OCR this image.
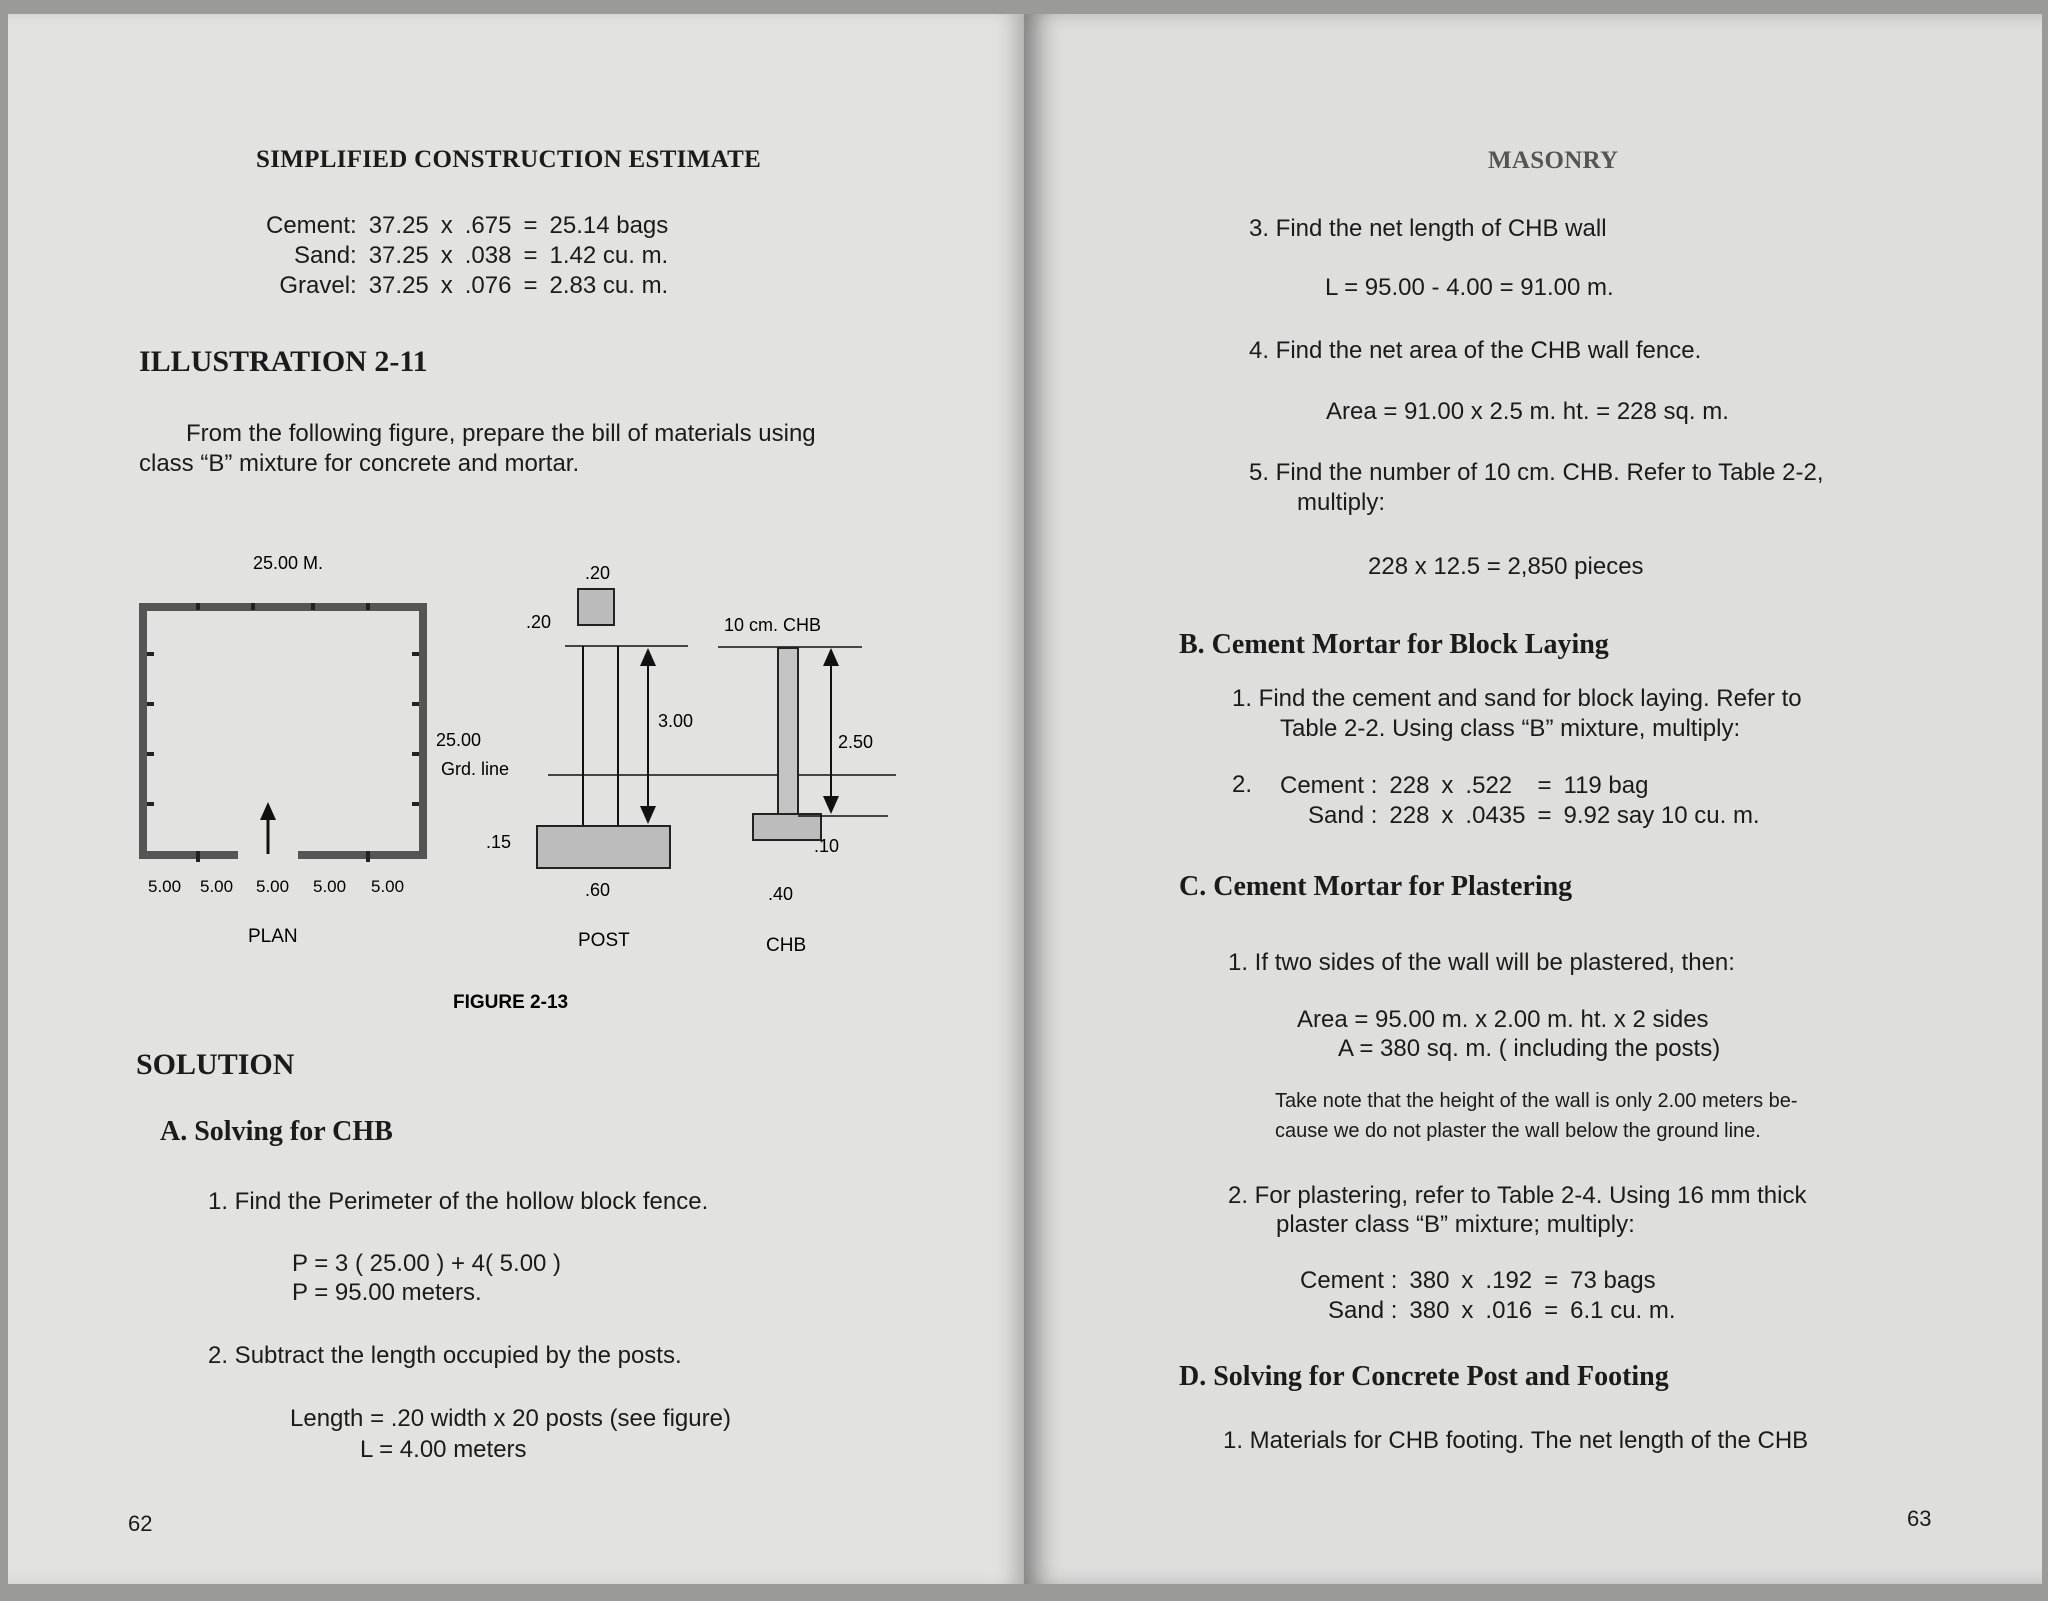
SIMPLIFIED CONSTRUCTION ESTIMATE
Cement: 37.25 x .675 = 25.14 bags
Sand: 37.25 x .038 = 1.42 cu. m.
Gravel: 37.25 x .076 = 2.83 cu. m.
ILLUSTRATION 2-11
From the following figure, prepare the bill of materials using
class “B” mixture for concrete and mortar.
25.00 M.
25.00
5.00 5.00 5.00 5.00 5.00
PLAN
Grd. line
.20
.20
3.00
.15
.60
POST
10 cm. CHB
2.50
.10
.40
CHB
FIGURE 2-13
SOLUTION
A. Solving for CHB
1. Find the Perimeter of the hollow block fence.
P = 3 ( 25.00 ) + 4( 5.00 )
P = 95.00 meters.
2. Subtract the length occupied by the posts.
Length = .20 width x 20 posts (see figure)
L = 4.00 meters
62
MASONRY
3. Find the net length of CHB wall
L = 95.00 - 4.00 = 91.00 m.
4. Find the net area of the CHB wall fence.
Area = 91.00 x 2.5 m. ht. = 228 sq. m.
5. Find the number of 10 cm. CHB. Refer to Table 2-2,
multiply:
228 x 12.5 = 2,850 pieces
B. Cement Mortar for Block Laying
1. Find the cement and sand for block laying. Refer to
Table 2-2. Using class “B” mixture, multiply:
2. Cement : 228 x .522	= 119 bag
Sand : 228 x .0435 = 9.92 say 10 cu. m.
C. Cement Mortar for Plastering
1. If two sides of the wall will be plastered, then:
Area = 95.00 m. x 2.00 m. ht. x 2 sides
A = 380 sq. m. ( including the posts)
Take note that the height of the wall is only 2.00 meters be-
cause we do not plaster the wall below the ground line.
2. For plastering, refer to Table 2-4. Using 16 mm thick
plaster class “B” mixture; multiply:
Cement : 380 x .192 = 73 bags
Sand : 380 x .016 = 6.1 cu. m.
D. Solving for Concrete Post and Footing
1. Materials for CHB footing. The net length of the CHB
63
